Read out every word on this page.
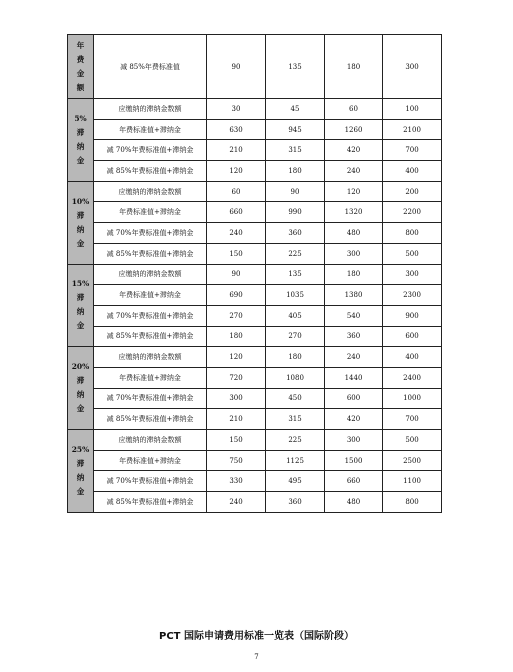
年
费
金
额	减 85%年费标准值	90	135	180	300

5%
滞
纳
金	应缴纳的滞纳金数额	30	45	60	100
	年费标准值+滞纳金	630	945	1260	2100
	减 70%年费标准值+滞纳金	210	315	420	700
	减 85%年费标准值+滞纳金	120	180	240	400

10%
滞
纳
金	应缴纳的滞纳金数额	60	90	120	200
	年费标准值+滞纳金	660	990	1320	2200
	减 70%年费标准值+滞纳金	240	360	480	800
	减 85%年费标准值+滞纳金	150	225	300	500

15%
滞
纳
金	应缴纳的滞纳金数额	90	135	180	300
	年费标准值+滞纳金	690	1035	1380	2300
	减 70%年费标准值+滞纳金	270	405	540	900
	减 85%年费标准值+滞纳金	180	270	360	600

20%
滞
纳
金	应缴纳的滞纳金数额	120	180	240	400
	年费标准值+滞纳金	720	1080	1440	2400
	减 70%年费标准值+滞纳金	300	450	600	1000
	减 85%年费标准值+滞纳金	210	315	420	700

25%
滞
纳
金	应缴纳的滞纳金数额	150	225	300	500
	年费标准值+滞纳金	750	1125	1500	2500
	减 70%年费标准值+滞纳金	330	495	660	1100
	减 85%年费标准值+滞纳金	240	360	480	800
PCT 国际申请费用标准一览表（国际阶段）
7
